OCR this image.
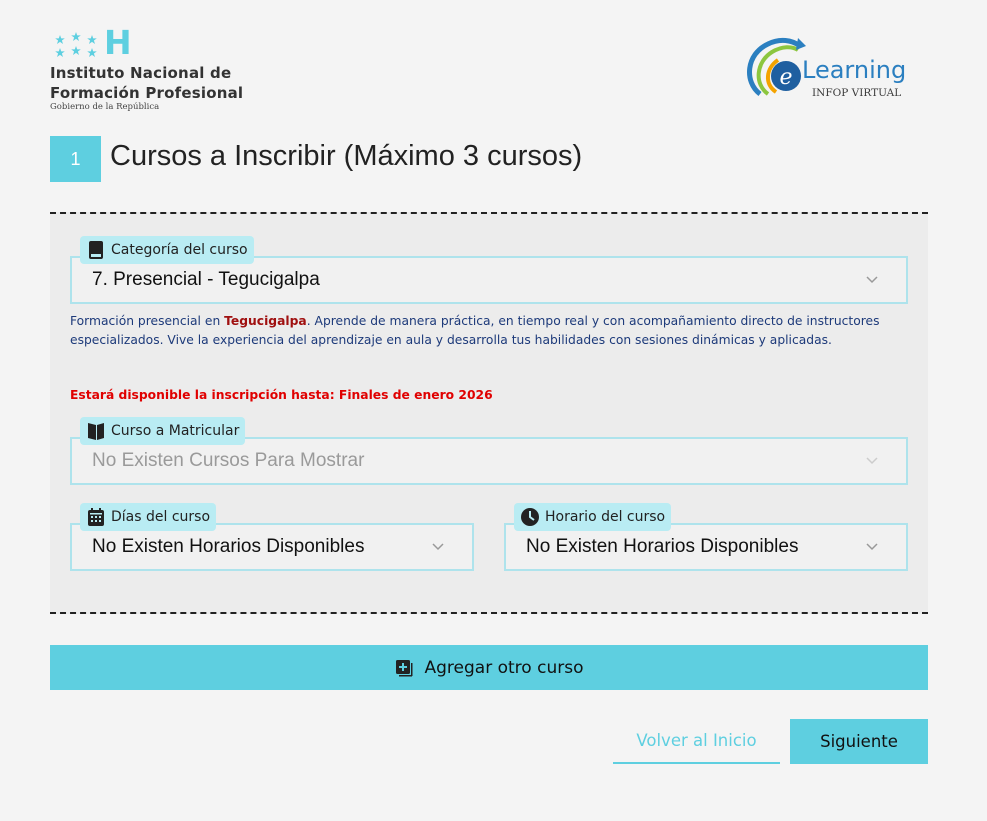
H
Instituto Nacional de
Formación Profesional
Gobierno de la República
e Learning
INFOP VIRTUAL
1	Cursos a Inscribir (Máximo 3 cursos)
Categoría del curso
7. Presencial - Tegucigalpa
Formación presencial en Tegucigalpa. Aprende de manera práctica, en tiempo real y con acompañamiento directo de instructores especializados. Vive la experiencia del aprendizaje en aula y desarrolla tus habilidades con sesiones dinámicas y aplicadas.
Estará disponible la inscripción hasta: Finales de enero 2026
Curso a Matricular
No Existen Cursos Para Mostrar
Días del curso
No Existen Horarios Disponibles
Horario del curso
No Existen Horarios Disponibles
Agregar otro curso
Volver al Inicio	Siguiente
